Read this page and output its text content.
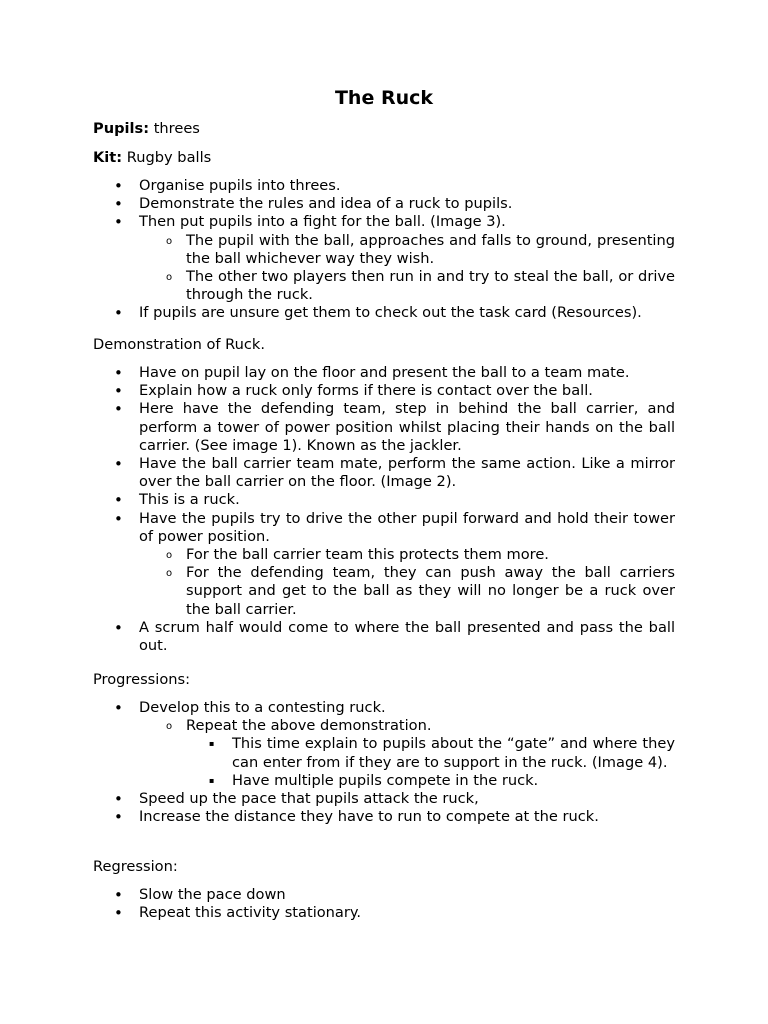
The Ruck
Pupils: threes
Kit: Rugby balls
• Organise pupils into threes.
• Demonstrate the rules and idea of a ruck to pupils.
• Then put pupils into a fight for the ball. (Image 3).
o The pupil with the ball, approaches and falls to ground, presenting the ball whichever way they wish.
o The other two players then run in and try to steal the ball, or drive through the ruck.
• If pupils are unsure get them to check out the task card (Resources).
Demonstration of Ruck.
• Have on pupil lay on the floor and present the ball to a team mate.
• Explain how a ruck only forms if there is contact over the ball.
• Here have the defending team, step in behind the ball carrier, and perform a tower of power position whilst placing their hands on the ball carrier. (See image 1). Known as the jackler.
• Have the ball carrier team mate, perform the same action. Like a mirror over the ball carrier on the floor. (Image 2).
• This is a ruck.
• Have the pupils try to drive the other pupil forward and hold their tower of power position.
o For the ball carrier team this protects them more.
o For the defending team, they can push away the ball carriers support and get to the ball as they will no longer be a ruck over the ball carrier.
• A scrum half would come to where the ball presented and pass the ball out.
Progressions:
• Develop this to a contesting ruck.
o Repeat the above demonstration.
▪ This time explain to pupils about the “gate” and where they can enter from if they are to support in the ruck. (Image 4).
▪ Have multiple pupils compete in the ruck.
• Speed up the pace that pupils attack the ruck,
• Increase the distance they have to run to compete at the ruck.
Regression:
• Slow the pace down
• Repeat this activity stationary.
